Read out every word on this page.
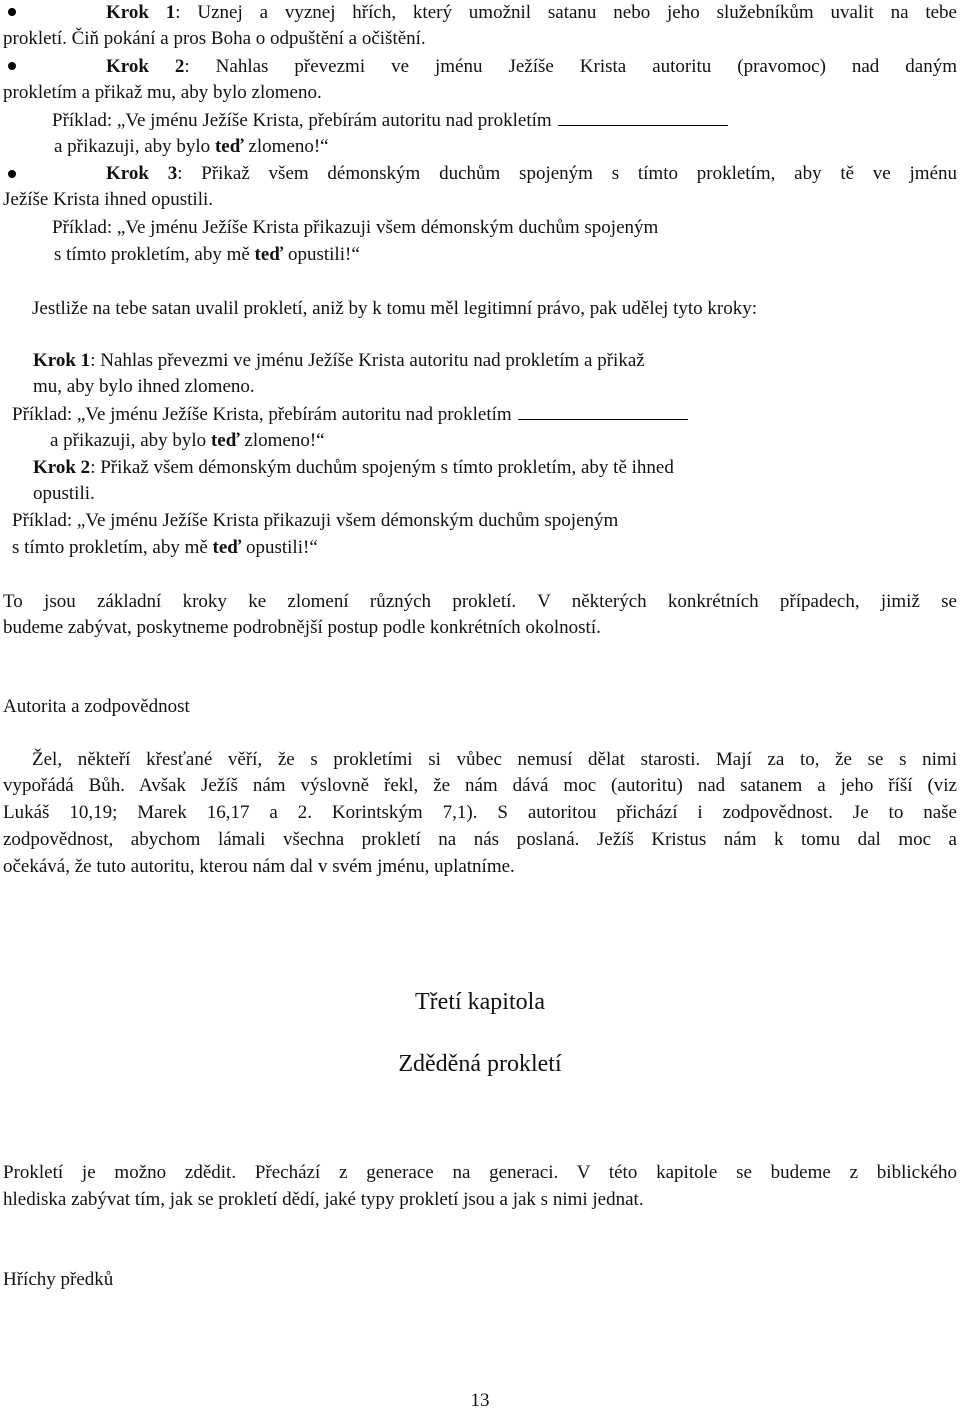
Krok 1: Uznej a vyznej hřích, který umožnil satanu nebo jeho služebníkům uvalit na tebe
prokletí. Čiň pokání a pros Boha o odpuštění a očištění.
Krok 2: Nahlas převezmi ve jménu Ježíše Krista autoritu (pravomoc) nad daným
prokletím a přikaž mu, aby bylo zlomeno.
Příklad: „Ve jménu Ježíše Krista, přebírám autoritu nad prokletím
a přikazuji, aby bylo teď zlomeno!“
Krok 3: Přikaž všem démonským duchům spojeným s tímto prokletím, aby tě ve jménu
Ježíše Krista ihned opustili.
Příklad: „Ve jménu Ježíše Krista přikazuji všem démonským duchům spojeným
s tímto prokletím, aby mě teď opustili!“
Jestliže na tebe satan uvalil prokletí, aniž by k tomu měl legitimní právo, pak udělej tyto kroky:
Krok 1: Nahlas převezmi ve jménu Ježíše Krista autoritu nad prokletím a přikaž
mu, aby bylo ihned zlomeno.
Příklad: „Ve jménu Ježíše Krista, přebírám autoritu nad prokletím
a přikazuji, aby bylo teď zlomeno!“
Krok 2: Přikaž všem démonským duchům spojeným s tímto prokletím, aby tě ihned
opustili.
Příklad: „Ve jménu Ježíše Krista přikazuji všem démonským duchům spojeným
s tímto prokletím, aby mě teď opustili!“
To jsou základní kroky ke zlomení různých prokletí. V některých konkrétních případech, jimiž se
budeme zabývat, poskytneme podrobnější postup podle konkrétních okolností.
Autorita a zodpovědnost
Žel, někteří křesťané věří, že s prokletími si vůbec nemusí dělat starosti. Mají za to, že se s nimi
vypořádá Bůh. Avšak Ježíš nám výslovně řekl, že nám dává moc (autoritu) nad satanem a jeho říší (viz
Lukáš 10,19; Marek 16,17 a 2. Korintským 7,1). S autoritou přichází i zodpovědnost. Je to naše
zodpovědnost, abychom lámali všechna prokletí na nás poslaná. Ježíš Kristus nám k tomu dal moc a
očekává, že tuto autoritu, kterou nám dal v svém jménu, uplatníme.
Třetí kapitola
Zděděná prokletí
Prokletí je možno zdědit. Přechází z generace na generaci. V této kapitole se budeme z biblického
hlediska zabývat tím, jak se prokletí dědí, jaké typy prokletí jsou a jak s nimi jednat.
Hříchy předků
13
